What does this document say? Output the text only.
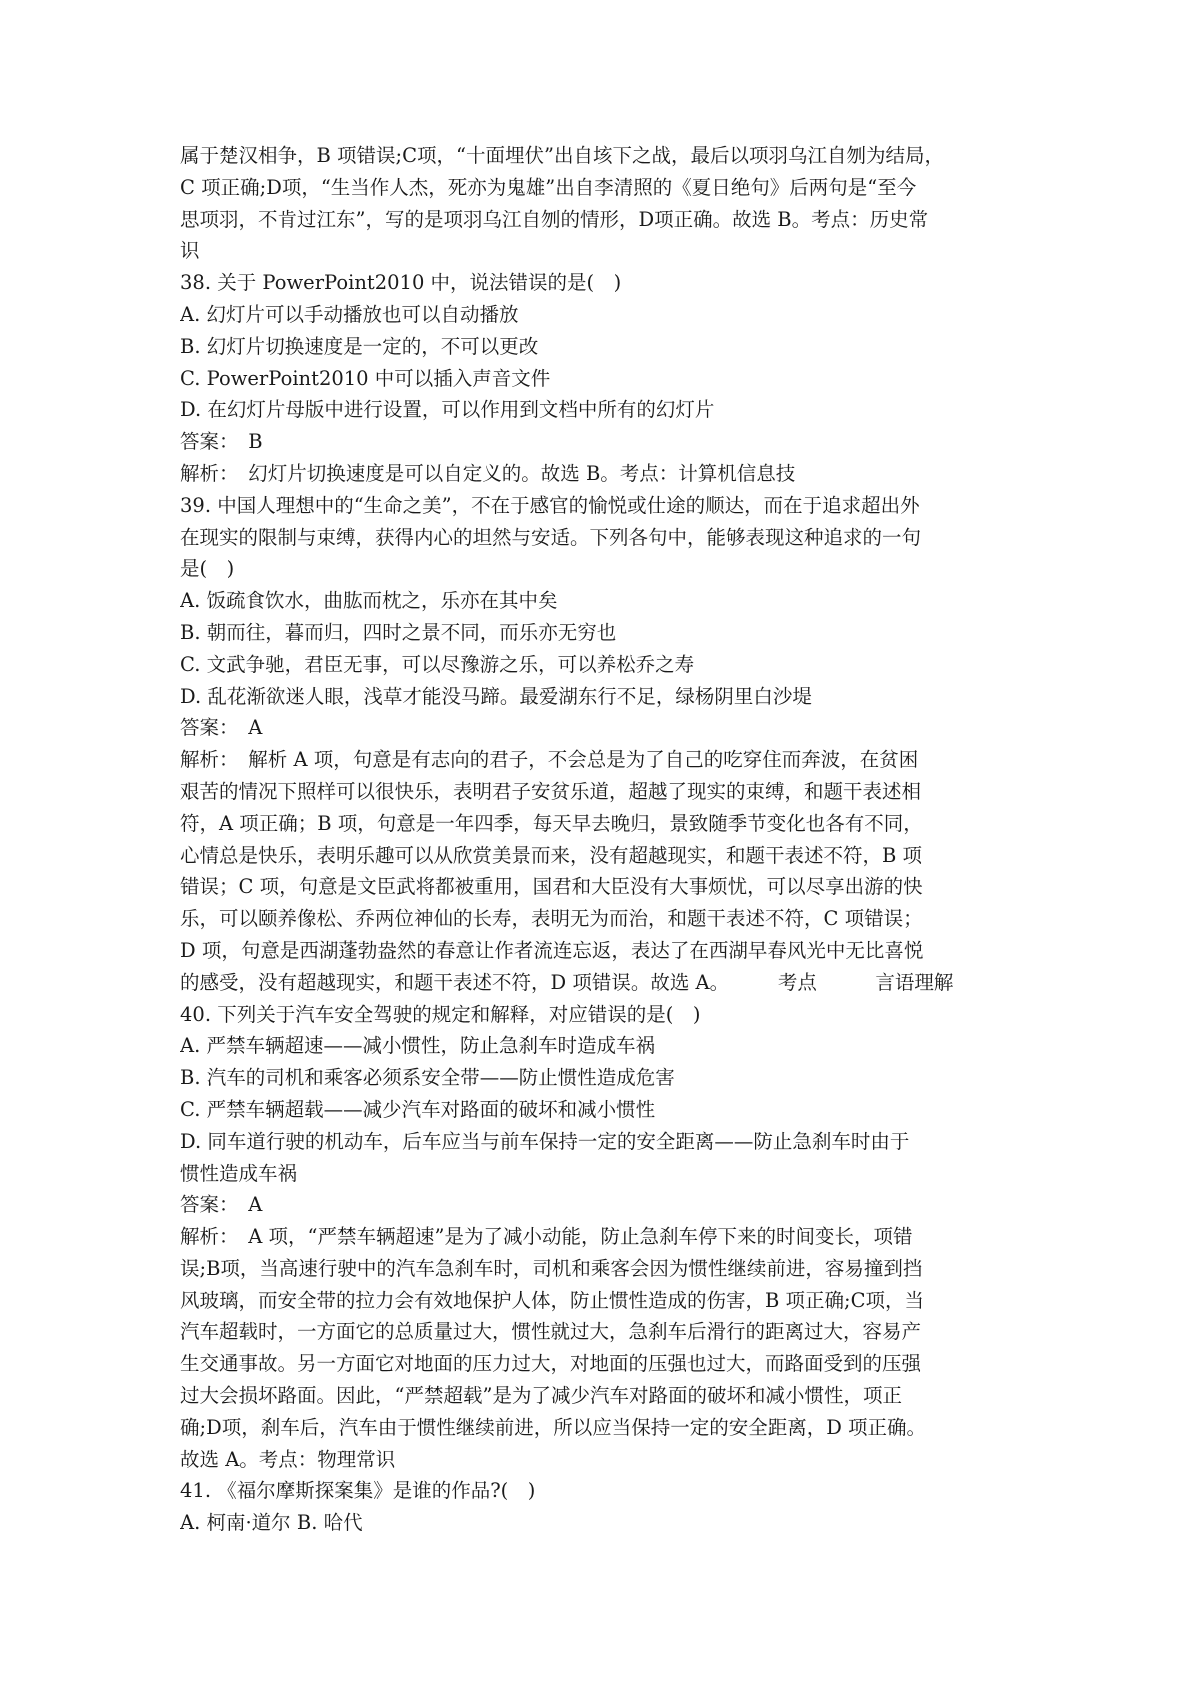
属于楚汉相争，B 项错误;C项，“十面埋伏”出自垓下之战，最后以项羽乌江自刎为结局，
C 项正确;D项，“生当作人杰，死亦为鬼雄”出自李清照的《夏日绝句》后两句是“至今
思项羽，不肯过江东”，写的是项羽乌江自刎的情形，D项正确。故选 B。考点：历史常
识
38. 关于 PowerPoint2010 中，说法错误的是(　)
A. 幻灯片可以手动播放也可以自动播放
B. 幻灯片切换速度是一定的，不可以更改
C. PowerPoint2010 中可以插入声音文件
D. 在幻灯片母版中进行设置，可以作用到文档中所有的幻灯片
答案：　B
解析：　幻灯片切换速度是可以自定义的。故选 B。考点：计算机信息技
39. 中国人理想中的“生命之美”，不在于感官的愉悦或仕途的顺达，而在于追求超出外
在现实的限制与束缚，获得内心的坦然与安适。下列各句中，能够表现这种追求的一句
是(　)
A. 饭疏食饮水，曲肱而枕之，乐亦在其中矣
B. 朝而往，暮而归，四时之景不同，而乐亦无穷也
C. 文武争驰，君臣无事，可以尽豫游之乐，可以养松乔之寿
D. 乱花渐欲迷人眼，浅草才能没马蹄。最爱湖东行不足，绿杨阴里白沙堤
答案：　A
解析：　解析 A 项，句意是有志向的君子，不会总是为了自己的吃穿住而奔波，在贫困
艰苦的情况下照样可以很快乐，表明君子安贫乐道，超越了现实的束缚，和题干表述相
符，A 项正确；B 项，句意是一年四季，每天早去晚归，景致随季节变化也各有不同，
心情总是快乐，表明乐趣可以从欣赏美景而来，没有超越现实，和题干表述不符，B 项
错误；C 项，句意是文臣武将都被重用，国君和大臣没有大事烦忧，可以尽享出游的快
乐，可以颐养像松、乔两位神仙的长寿，表明无为而治，和题干表述不符，C 项错误；
D 项，句意是西湖蓬勃盎然的春意让作者流连忘返，表达了在西湖早春风光中无比喜悦
的感受，没有超越现实，和题干表述不符，D 项错误。故选 A。　　　考点　　　言语理解
40. 下列关于汽车安全驾驶的规定和解释，对应错误的是(　)
A. 严禁车辆超速——减小惯性，防止急刹车时造成车祸
B. 汽车的司机和乘客必须系安全带——防止惯性造成危害
C. 严禁车辆超载——减少汽车对路面的破坏和减小惯性
D. 同车道行驶的机动车，后车应当与前车保持一定的安全距离——防止急刹车时由于
惯性造成车祸
答案：　A
解析：　A 项，“严禁车辆超速”是为了减小动能，防止急刹车停下来的时间变长，项错
误;B项，当高速行驶中的汽车急刹车时，司机和乘客会因为惯性继续前进，容易撞到挡
风玻璃，而安全带的拉力会有效地保护人体，防止惯性造成的伤害，B 项正确;C项，当
汽车超载时，一方面它的总质量过大，惯性就过大，急刹车后滑行的距离过大，容易产
生交通事故。另一方面它对地面的压力过大，对地面的压强也过大，而路面受到的压强
过大会损坏路面。因此，“严禁超载”是为了减少汽车对路面的破坏和减小惯性，项正
确;D项，刹车后，汽车由于惯性继续前进，所以应当保持一定的安全距离，D 项正确。
故选 A。考点：物理常识
41. 《福尔摩斯探案集》是谁的作品?(　)
A. 柯南·道尔 B. 哈代
